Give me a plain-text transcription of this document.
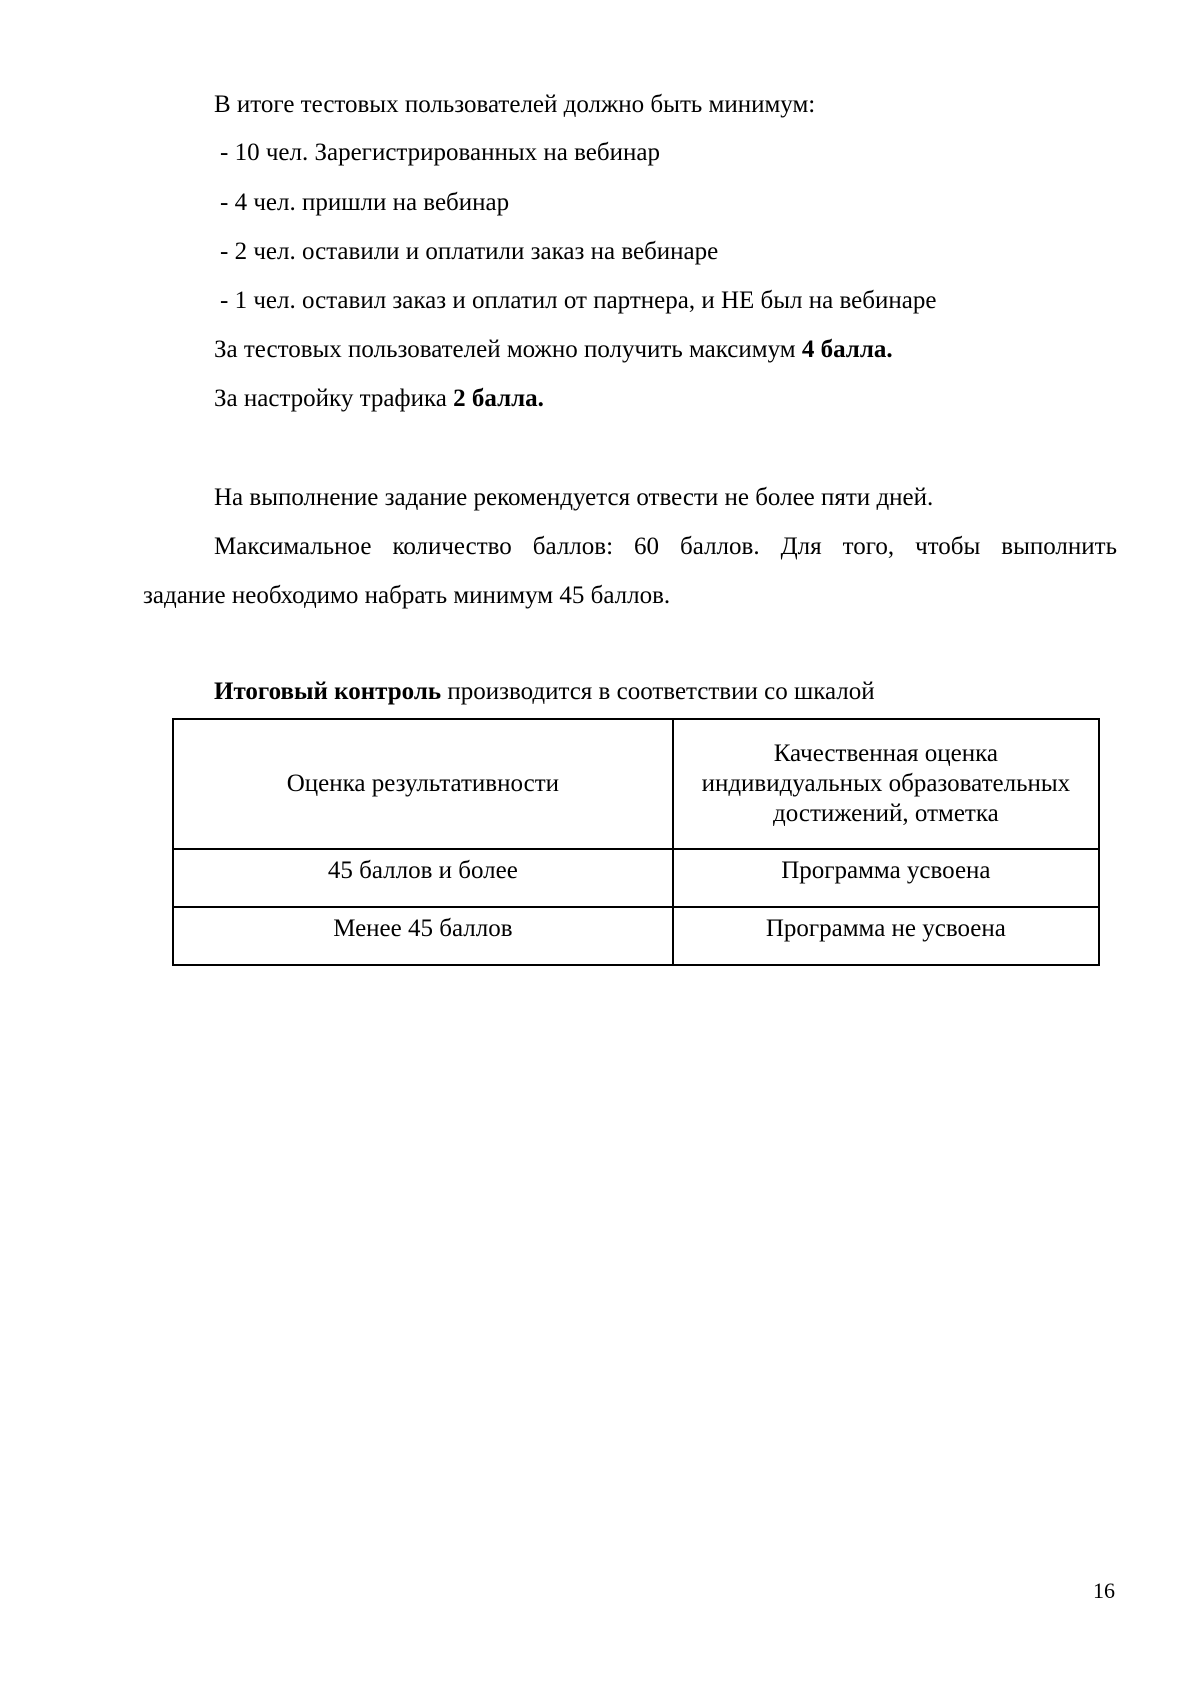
В итоге тестовых пользователей должно быть минимум:
- 10 чел. Зарегистрированных на вебинар
- 4 чел. пришли на вебинар
- 2 чел. оставили и оплатили заказ на вебинаре
- 1 чел. оставил заказ и оплатил от партнера, и НЕ был на вебинаре
За тестовых пользователей можно получить максимум 4 балла.
За настройку трафика 2 балла.
На выполнение задание рекомендуется отвести не более пяти дней.
Максимальное количество баллов: 60 баллов. Для того, чтобы выполнить
задание необходимо набрать минимум 45 баллов.
Итоговый контроль производится в соответствии со шкалой
Оценка результативности	Качественная оценка индивидуальных образовательных достижений, отметка
45 баллов и более	Программа усвоена
Менее 45 баллов	Программа не усвоена
16
